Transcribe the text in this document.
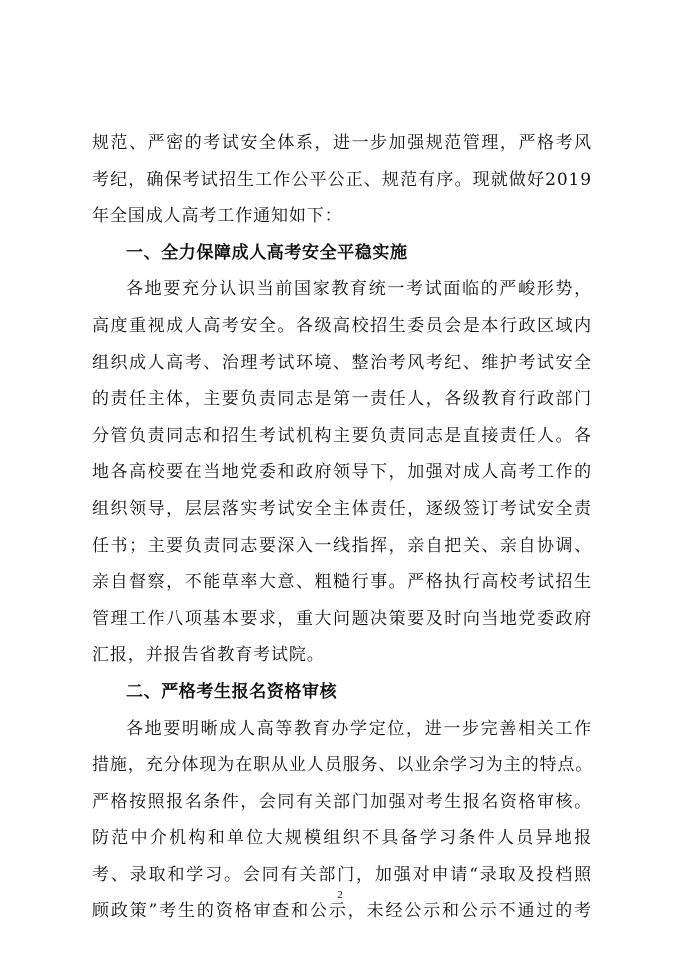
规范、严密的考试安全体系，进一步加强规范管理，严格考风
考纪，确保考试招生工作公平公正、规范有序。现就做好2019
年全国成人高考工作通知如下：
一、全力保障成人高考安全平稳实施
各地要充分认识当前国家教育统一考试面临的严峻形势，
高度重视成人高考安全。各级高校招生委员会是本行政区域内
组织成人高考、治理考试环境、整治考风考纪、维护考试安全
的责任主体，主要负责同志是第一责任人，各级教育行政部门
分管负责同志和招生考试机构主要负责同志是直接责任人。各
地各高校要在当地党委和政府领导下，加强对成人高考工作的
组织领导，层层落实考试安全主体责任，逐级签订考试安全责
任书；主要负责同志要深入一线指挥，亲自把关、亲自协调、
亲自督察，不能草率大意、粗糙行事。严格执行高校考试招生
管理工作八项基本要求，重大问题决策要及时向当地党委政府
汇报，并报告省教育考试院。
二、严格考生报名资格审核
各地要明晰成人高等教育办学定位，进一步完善相关工作
措施，充分体现为在职从业人员服务、以业余学习为主的特点。
严格按照报名条件，会同有关部门加强对考生报名资格审核。
防范中介机构和单位大规模组织不具备学习条件人员异地报
考、录取和学习。会同有关部门，加强对申请“录取及投档照
顾政策”考生的资格审查和公示，未经公示和公示不通过的考
2
